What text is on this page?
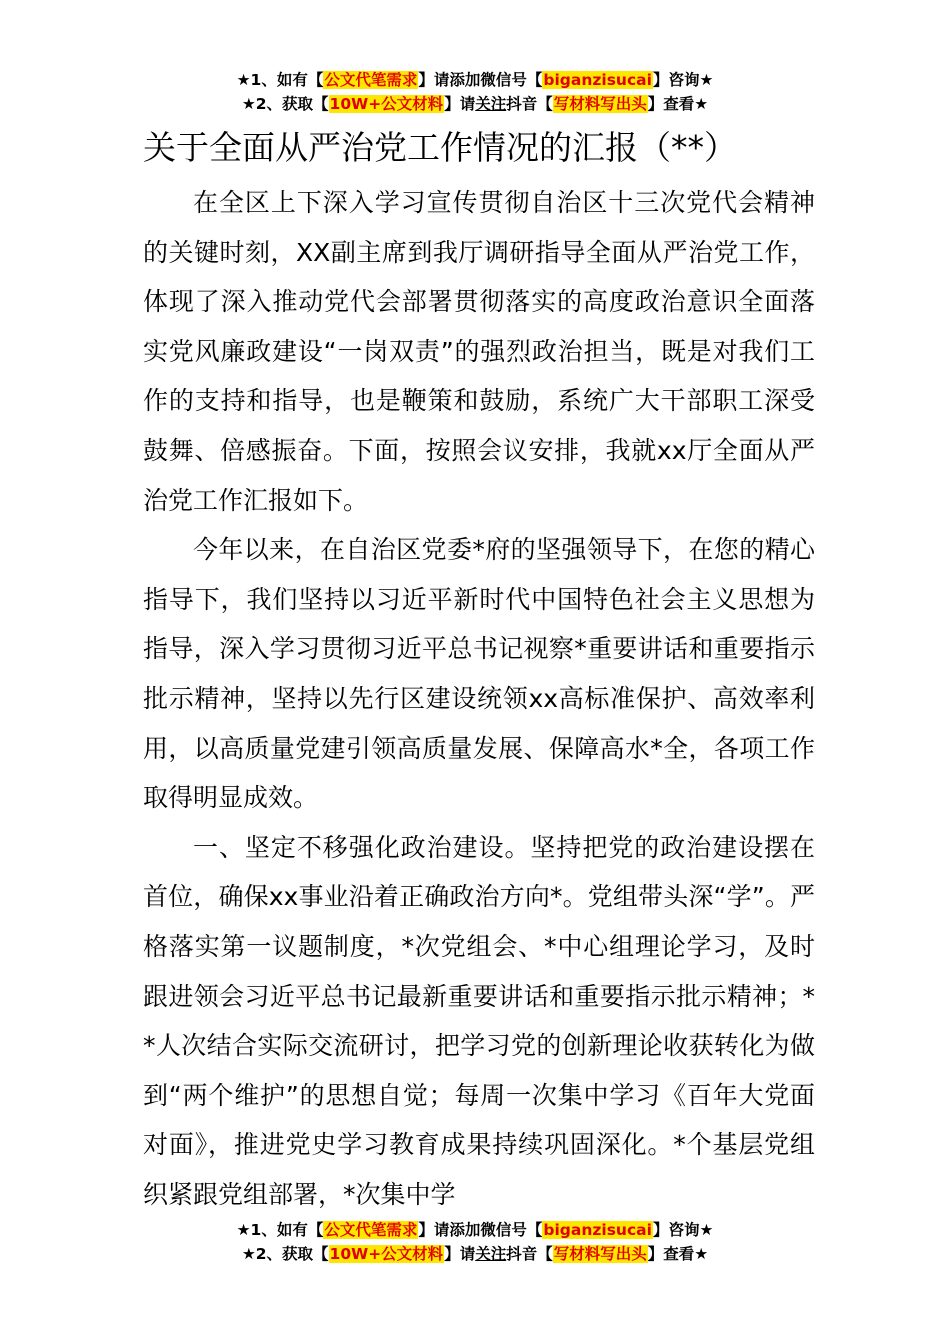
★1、如有【公文代笔需求】请添加微信号【biganzisucai】咨询★
★2、获取【10W+公文材料】请关注抖音【写材料写出头】查看★
关于全面从严治党工作情况的汇报（**）

在全区上下深入学习宣传贯彻自治区十三次党代会精神的关键时刻，XX副主席到我厅调研指导全面从严治党工作，体现了深入推动党代会部署贯彻落实的高度政治意识全面落实党风廉政建设“一岗双责”的强烈政治担当，既是对我们工作的支持和指导，也是鞭策和鼓励，系统广大干部职工深受鼓舞、倍感振奋。下面，按照会议安排，我就xx厅全面从严治党工作汇报如下。

今年以来，在自治区党委*府的坚强领导下，在您的精心指导下，我们坚持以习近平新时代中国特色社会主义思想为指导，深入学习贯彻习近平总书记视察*重要讲话和重要指示批示精神，坚持以先行区建设统领xx高标准保护、高效率利用，以高质量党建引领高质量发展、保障高水*全，各项工作取得明显成效。

一、坚定不移强化政治建设。坚持把党的政治建设摆在首位，确保xx事业沿着正确政治方向*。党组带头深“学”。严格落实第一议题制度，*次党组会、*中心组理论学习，及时跟进领会习近平总书记最新重要讲话和重要指示批示精神；**人次结合实际交流研讨，把学习党的创新理论收获转化为做到“两个维护”的思想自觉；每周一次集中学习《百年大党面对面》，推进党史学习教育成果持续巩固深化。*个基层党组织紧跟党组部署，*次集中学

★1、如有【公文代笔需求】请添加微信号【biganzisucai】咨询★
★2、获取【10W+公文材料】请关注抖音【写材料写出头】查看★
